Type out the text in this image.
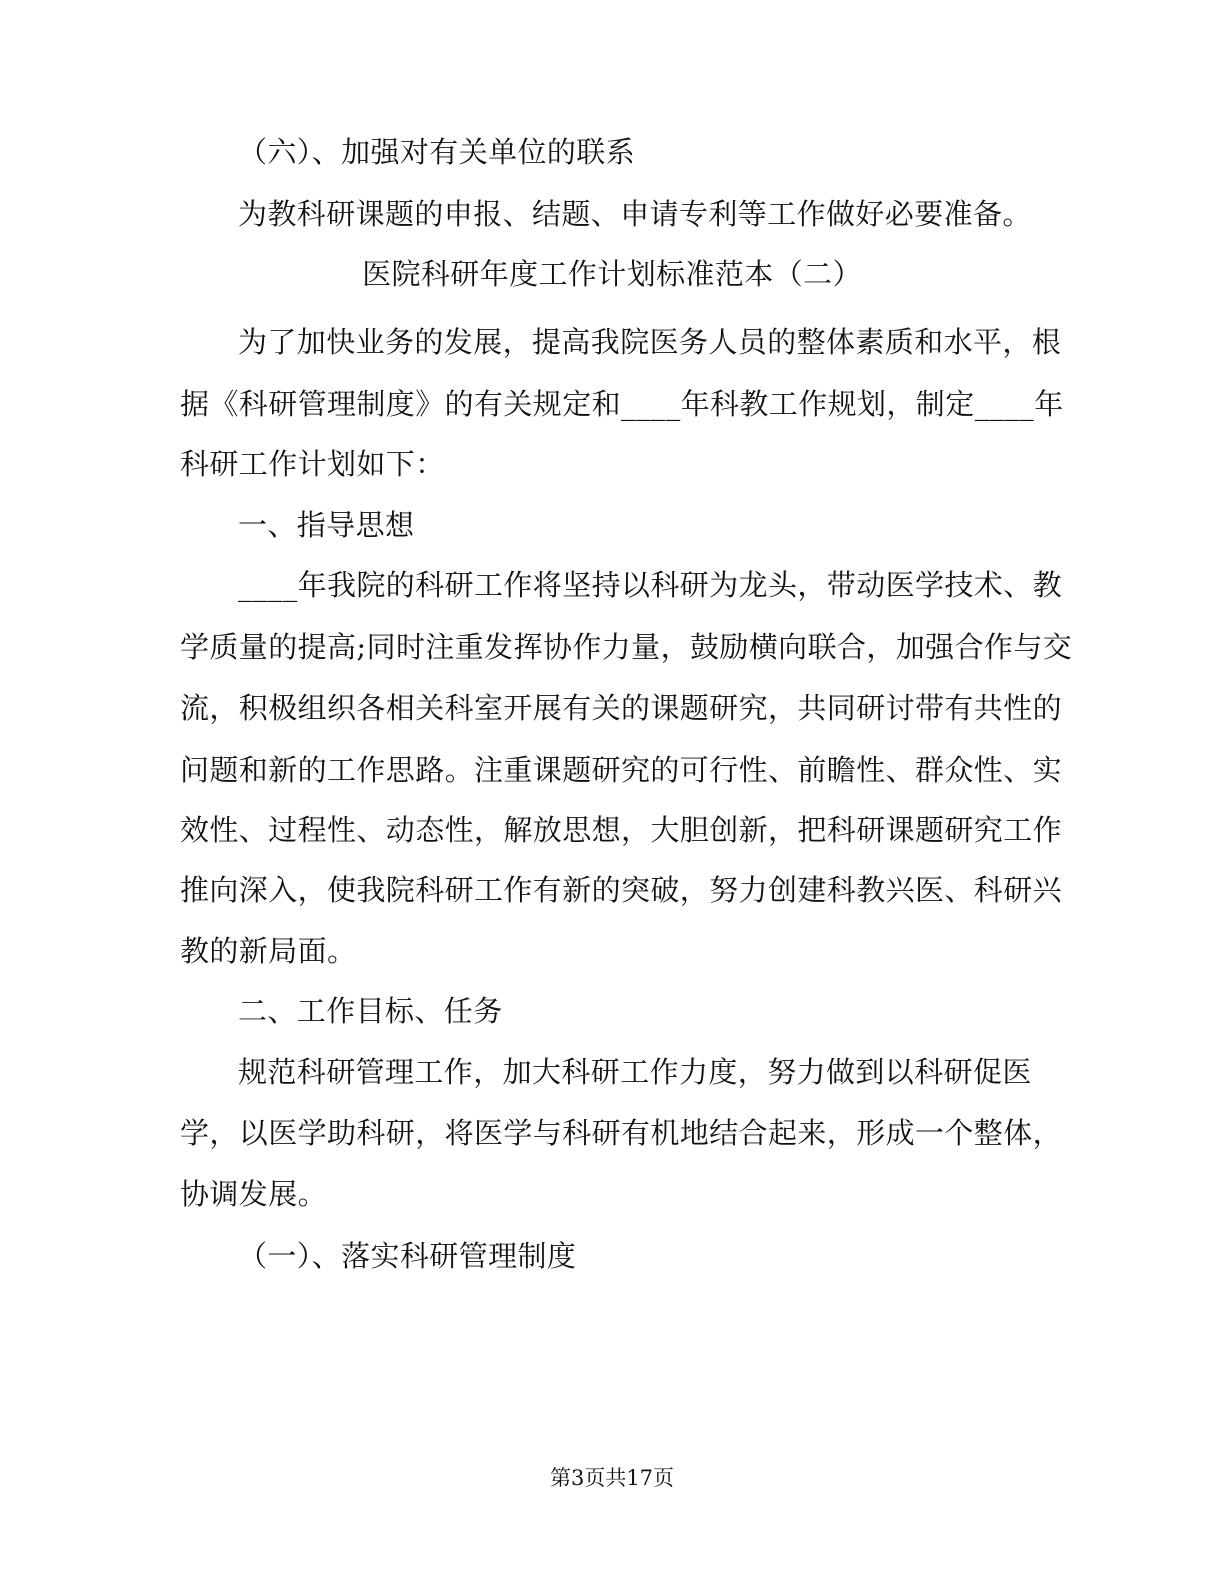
（六）、加强对有关单位的联系
为教科研课题的申报、结题、申请专利等工作做好必要准备。
医院科研年度工作计划标准范本（二）
为了加快业务的发展，提高我院医务人员的整体素质和水平，根
据《科研管理制度》的有关规定和____年科教工作规划，制定____年
科研工作计划如下：
一、指导思想
____年我院的科研工作将坚持以科研为龙头，带动医学技术、教
学质量的提高;同时注重发挥协作力量，鼓励横向联合，加强合作与交
流，积极组织各相关科室开展有关的课题研究，共同研讨带有共性的
问题和新的工作思路。注重课题研究的可行性、前瞻性、群众性、实
效性、过程性、动态性，解放思想，大胆创新，把科研课题研究工作
推向深入，使我院科研工作有新的突破，努力创建科教兴医、科研兴
教的新局面。
二、工作目标、任务
规范科研管理工作，加大科研工作力度，努力做到以科研促医
学，以医学助科研，将医学与科研有机地结合起来，形成一个整体，
协调发展。
（一）、落实科研管理制度
第3页共17页
